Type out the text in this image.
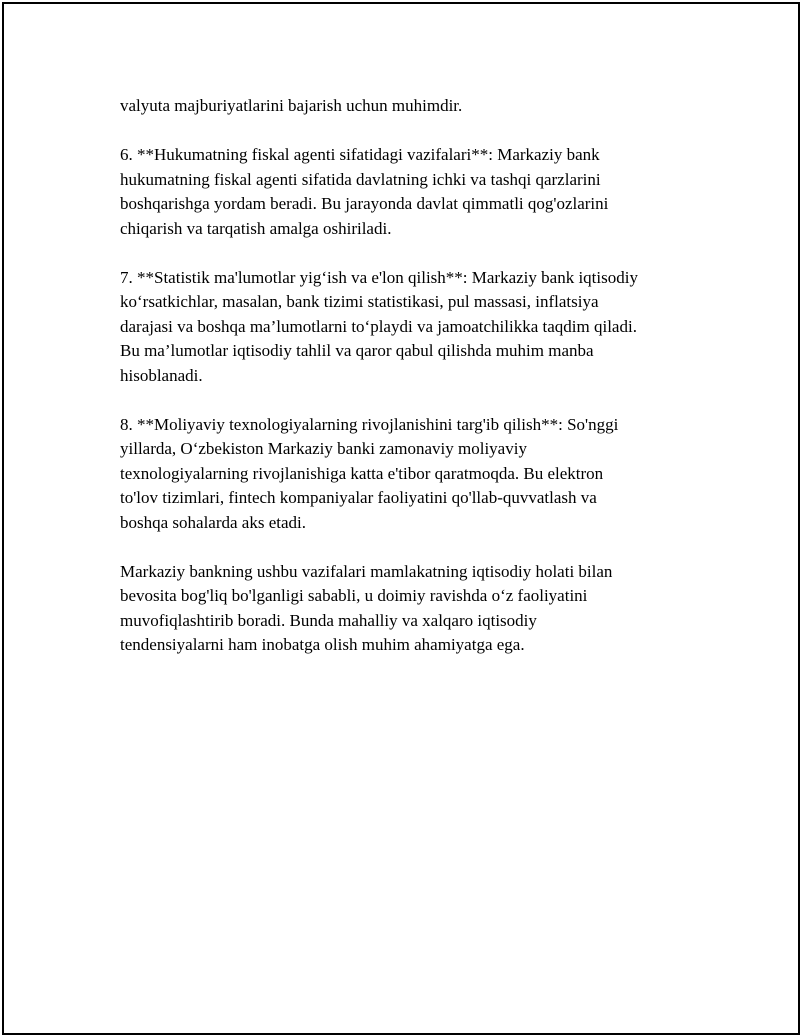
valyuta majburiyatlarini bajarish uchun muhimdir.

6. **Hukumatning fiskal agenti sifatidagi vazifalari**: Markaziy bank
hukumatning fiskal agenti sifatida davlatning ichki va tashqi qarzlarini
boshqarishga yordam beradi. Bu jarayonda davlat qimmatli qog'ozlarini
chiqarish va tarqatish amalga oshiriladi.

7. **Statistik ma'lumotlar yig‘ish va e'lon qilish**: Markaziy bank iqtisodiy
ko‘rsatkichlar, masalan, bank tizimi statistikasi, pul massasi, inflatsiya
darajasi va boshqa ma’lumotlarni to‘playdi va jamoatchilikka taqdim qiladi.
Bu ma’lumotlar iqtisodiy tahlil va qaror qabul qilishda muhim manba
hisoblanadi.

8. **Moliyaviy texnologiyalarning rivojlanishini targ'ib qilish**: So'nggi
yillarda, O‘zbekiston Markaziy banki zamonaviy moliyaviy
texnologiyalarning rivojlanishiga katta e'tibor qaratmoqda. Bu elektron
to'lov tizimlari, fintech kompaniyalar faoliyatini qo'llab-quvvatlash va
boshqa sohalarda aks etadi.

Markaziy bankning ushbu vazifalari mamlakatning iqtisodiy holati bilan
bevosita bog'liq bo'lganligi sababli, u doimiy ravishda o‘z faoliyatini
muvofiqlashtirib boradi. Bunda mahalliy va xalqaro iqtisodiy
tendensiyalarni ham inobatga olish muhim ahamiyatga ega.
